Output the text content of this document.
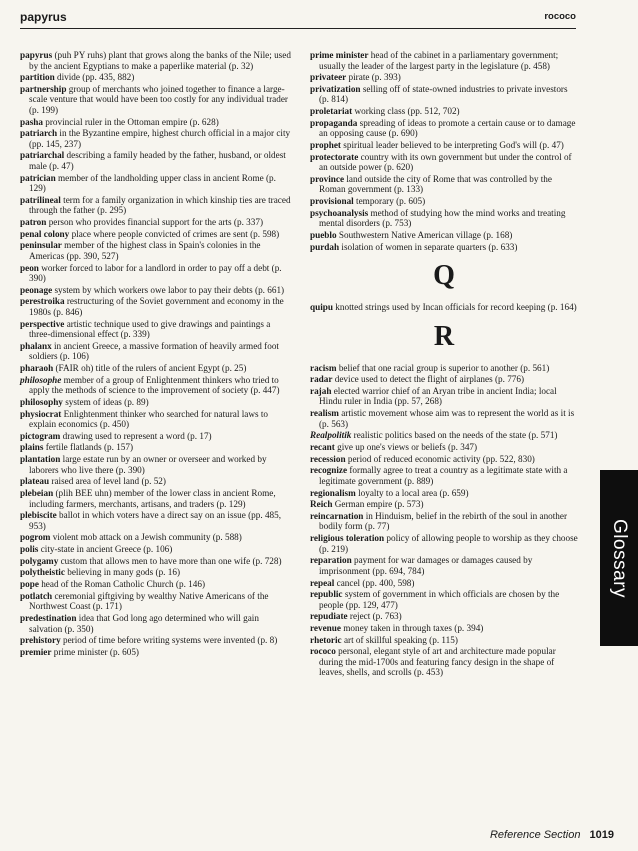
papyrus	rococo
papyrus (puh PY ruhs) plant that grows along the banks of the Nile; used by the ancient Egyptians to make a paperlike material (p. 32)
partition divide (pp. 435, 882)
partnership group of merchants who joined together to finance a large-scale venture that would have been too costly for any individual trader (p. 199)
pasha provincial ruler in the Ottoman empire (p. 628)
patriarch in the Byzantine empire, highest church official in a major city (pp. 145, 237)
patriarchal describing a family headed by the father, husband, or oldest male (p. 47)
patrician member of the landholding upper class in ancient Rome (p. 129)
patrilineal term for a family organization in which kinship ties are traced through the father (p. 295)
patron person who provides financial support for the arts (p. 337)
penal colony place where people convicted of crimes are sent (p. 598)
peninsular member of the highest class in Spain's colonies in the Americas (pp. 390, 527)
peon worker forced to labor for a landlord in order to pay off a debt (p. 390)
peonage system by which workers owe labor to pay their debts (p. 661)
perestroika restructuring of the Soviet government and economy in the 1980s (p. 846)
perspective artistic technique used to give drawings and paintings a three-dimensional effect (p. 339)
phalanx in ancient Greece, a massive formation of heavily armed foot soldiers (p. 106)
pharaoh (FAIR oh) title of the rulers of ancient Egypt (p. 25)
philosophe member of a group of Enlightenment thinkers who tried to apply the methods of science to the improvement of society (p. 447)
philosophy system of ideas (p. 89)
physiocrat Enlightenment thinker who searched for natural laws to explain economics (p. 450)
pictogram drawing used to represent a word (p. 17)
plains fertile flatlands (p. 157)
plantation large estate run by an owner or overseer and worked by laborers who live there (p. 390)
plateau raised area of level land (p. 52)
plebeian (plih BEE uhn) member of the lower class in ancient Rome, including farmers, merchants, artisans, and traders (p. 129)
plebiscite ballot in which voters have a direct say on an issue (pp. 485, 953)
pogrom violent mob attack on a Jewish community (p. 588)
polis city-state in ancient Greece (p. 106)
polygamy custom that allows men to have more than one wife (p. 728)
polytheistic believing in many gods (p. 16)
pope head of the Roman Catholic Church (p. 146)
potlatch ceremonial giftgiving by wealthy Native Americans of the Northwest Coast (p. 171)
predestination idea that God long ago determined who will gain salvation (p. 350)
prehistory period of time before writing systems were invented (p. 8)
premier prime minister (p. 605)
prime minister head of the cabinet in a parliamentary government; usually the leader of the largest party in the legislature (p. 458)
privateer pirate (p. 393)
privatization selling off of state-owned industries to private investors (p. 814)
proletariat working class (pp. 512, 702)
propaganda spreading of ideas to promote a certain cause or to damage an opposing cause (p. 690)
prophet spiritual leader believed to be interpreting God's will (p. 47)
protectorate country with its own government but under the control of an outside power (p. 620)
province land outside the city of Rome that was controlled by the Roman government (p. 133)
provisional temporary (p. 605)
psychoanalysis method of studying how the mind works and treating mental disorders (p. 753)
pueblo Southwestern Native American village (p. 168)
purdah isolation of women in separate quarters (p. 633)
Q
quipu knotted strings used by Incan officials for record keeping (p. 164)
R
racism belief that one racial group is superior to another (p. 561)
radar device used to detect the flight of airplanes (p. 776)
rajah elected warrior chief of an Aryan tribe in ancient India; local Hindu ruler in India (pp. 57, 268)
realism artistic movement whose aim was to represent the world as it is (p. 563)
Realpolitik realistic politics based on the needs of the state (p. 571)
recant give up one's views or beliefs (p. 347)
recession period of reduced economic activity (pp. 522, 830)
recognize formally agree to treat a country as a legitimate state with a legitimate government (p. 889)
regionalism loyalty to a local area (p. 659)
Reich German empire (p. 573)
reincarnation in Hinduism, belief in the rebirth of the soul in another bodily form (p. 77)
religious toleration policy of allowing people to worship as they choose (p. 219)
reparation payment for war damages or damages caused by imprisonment (pp. 694, 784)
repeal cancel (pp. 400, 598)
republic system of government in which officials are chosen by the people (pp. 129, 477)
repudiate reject (p. 763)
revenue money taken in through taxes (p. 394)
rhetoric art of skillful speaking (p. 115)
rococo personal, elegant style of art and architecture made popular during the mid-1700s and featuring fancy design in the shape of leaves, shells, and scrolls (p. 453)
Glossary
Reference Section 1019
